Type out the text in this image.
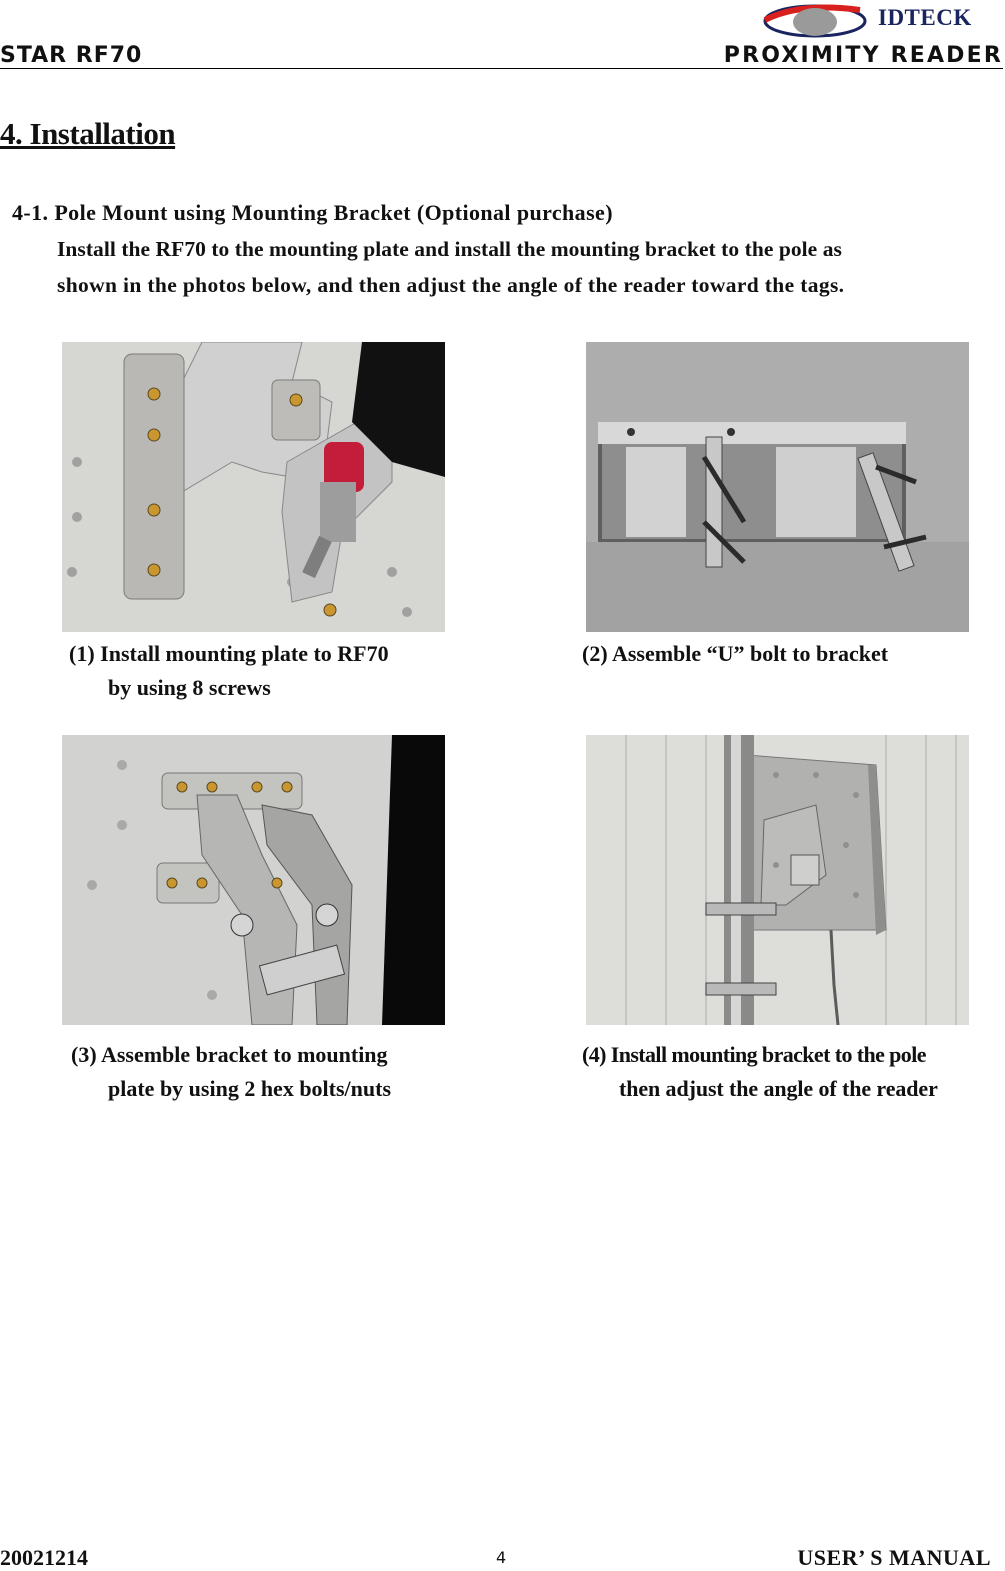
IDTECK
STAR RF70	PROXIMITY READER
4. Installation
4-1. Pole Mount using Mounting Bracket (Optional purchase)
Install the RF70 to the mounting plate and install the mounting bracket to the pole as
shown in the photos below, and then adjust the angle of the reader toward the tags.
(1) Install mounting plate to RF70
by using 8 screws
(2) Assemble “U” bolt to bracket
(3) Assemble bracket to mounting
plate by using 2 hex bolts/nuts
(4) Install mounting bracket to the pole
then adjust the angle of the reader
20021214	4	USER’ S MANUAL
